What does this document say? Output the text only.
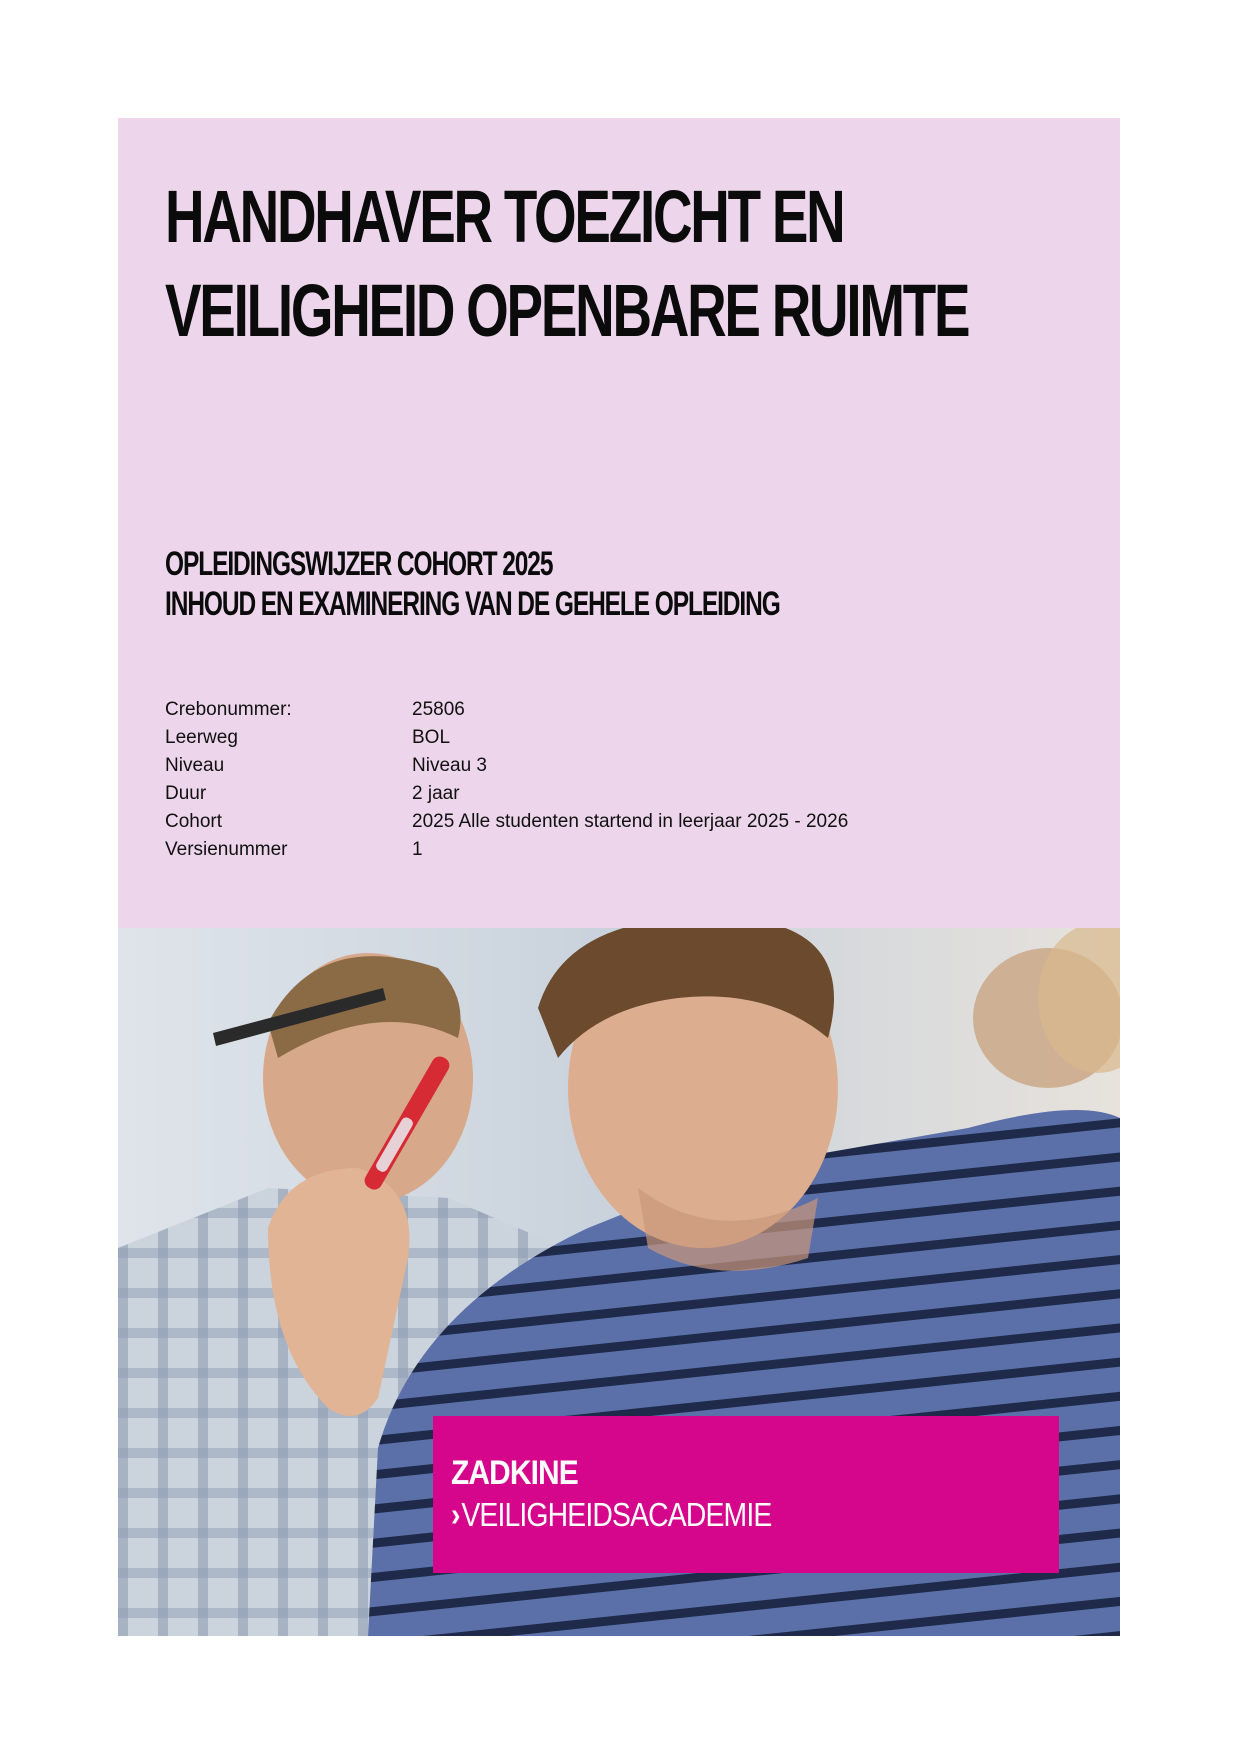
HANDHAVER TOEZICHT EN
VEILIGHEID OPENBARE RUIMTE
OPLEIDINGSWIJZER COHORT 2025
INHOUD EN EXAMINERING VAN DE GEHELE OPLEIDING
Crebonummer:	25806
Leerweg	BOL
Niveau	Niveau 3
Duur	2 jaar
Cohort	2025 Alle studenten startend in leerjaar 2025 - 2026
Versienummer	1
ZADKINE
›VEILIGHEIDSACADEMIE
